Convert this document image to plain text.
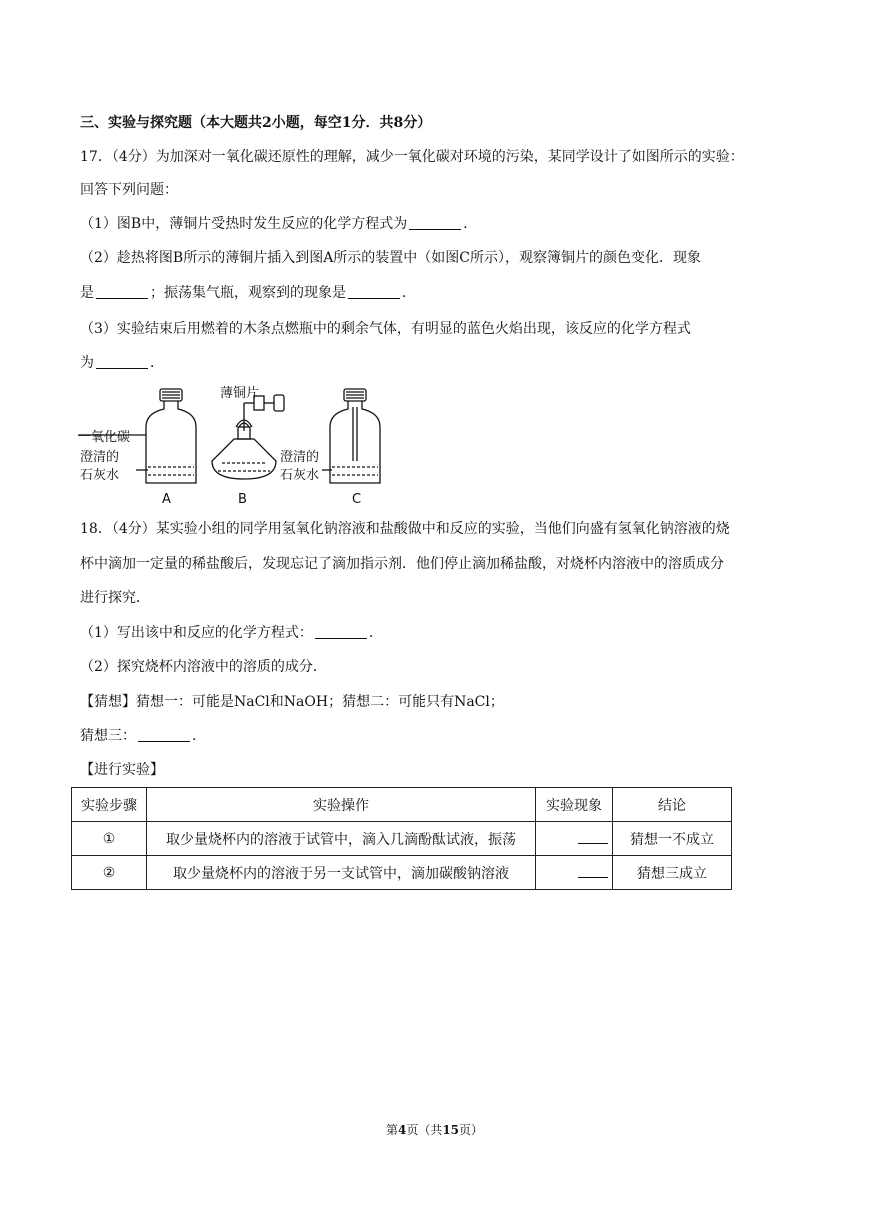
三、实验与探究题（本大题共2小题，每空1分．共8分）
17．（4分）为加深对一氧化碳还原性的理解，减少一氧化碳对环境的污染，某同学设计了如图所示的实验：
回答下列问题：
（1）图B中，薄铜片受热时发生反应的化学方程式为	．
（2）趁热将图B所示的薄铜片插入到图A所示的装置中（如图C所示），观察簿铜片的颜色变化．现象
是	；振荡集气瓶，观察到的现象是	．
（3）实验结束后用燃着的木条点燃瓶中的剩余气体，有明显的蓝色火焰出现，该反应的化学方程式
为	．
一氧化碳
澄清的
石灰水
A
薄铜片
B
澄清的
石灰水
C
18．（4分）某实验小组的同学用氢氧化钠溶液和盐酸做中和反应的实验，当他们向盛有氢氧化钠溶液的烧
杯中滴加一定量的稀盐酸后，发现忘记了滴加指示剂．他们停止滴加稀盐酸，对烧杯内溶液中的溶质成分
进行探究．
（1）写出该中和反应的化学方程式：	．
（2）探究烧杯内溶液中的溶质的成分．
【猜想】猜想一：可能是NaCl和NaOH；猜想二：可能只有NaCl；
猜想三：	．
【进行实验】
实验步骤	实验操作	实验现象	结论
①	取少量烧杯内的溶液于试管中，滴入几滴酚酞试液，振荡		猜想一不成立
②	取少量烧杯内的溶液于另一支试管中，滴加碳酸钠溶液		猜想三成立
第4页（共15页）
